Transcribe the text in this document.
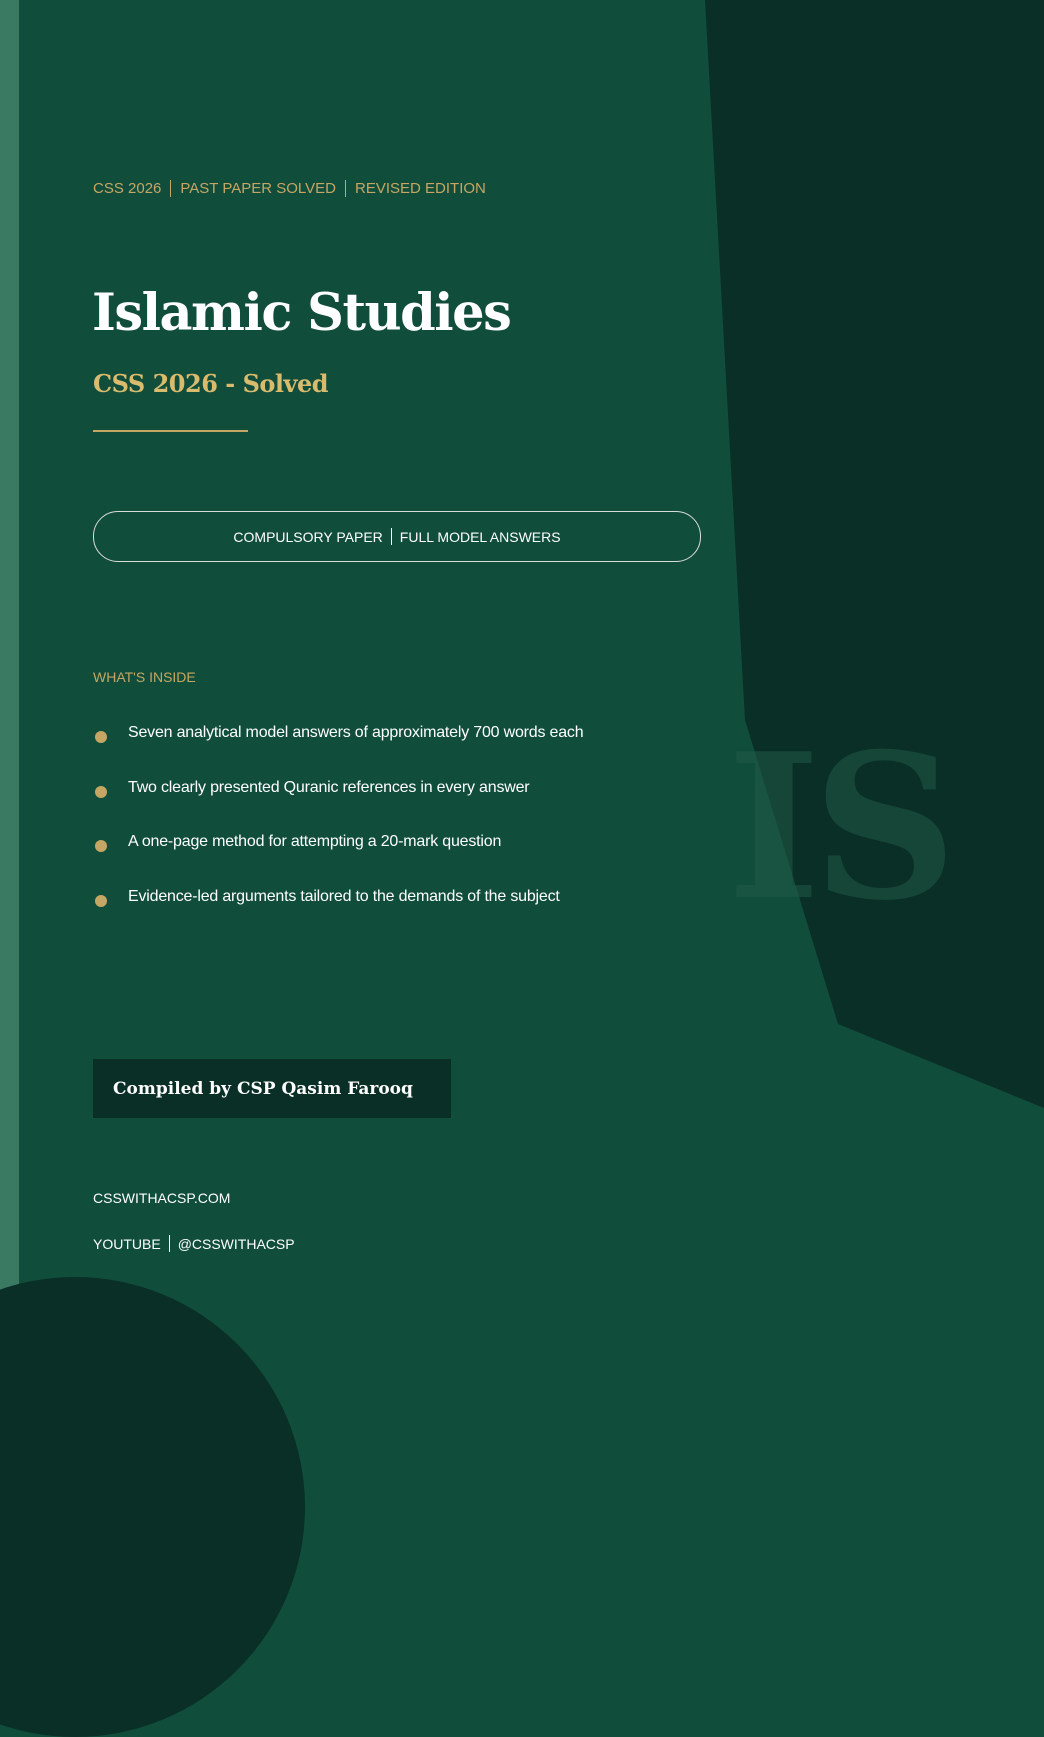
IS
CSS 2026 PAST PAPER SOLVED REVISED EDITION
Islamic Studies
CSS 2026 - Solved
COMPULSORY PAPER FULL MODEL ANSWERS
WHAT'S INSIDE
Seven analytical model answers of approximately 700 words each
Two clearly presented Quranic references in every answer
A one-page method for attempting a 20-mark question
Evidence-led arguments tailored to the demands of the subject
Compiled by CSP Qasim Farooq
CSSWITHACSP.COM
YOUTUBE @CSSWITHACSP
